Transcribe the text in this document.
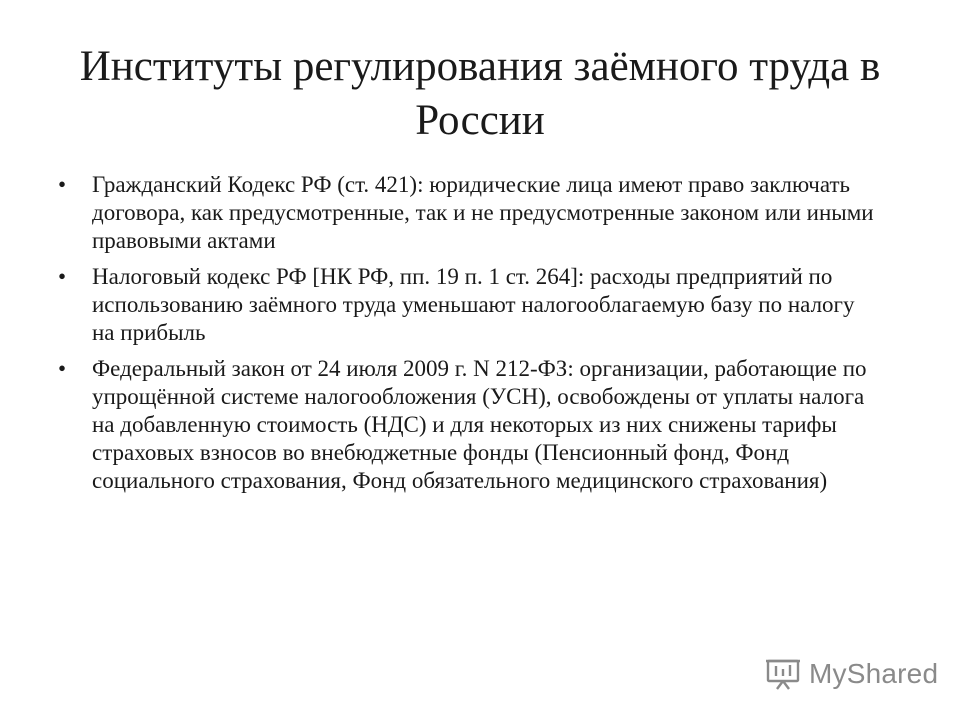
Институты регулирования заёмного труда в России
• Гражданский Кодекс РФ (ст. 421): юридические лица имеют право заключать договора, как предусмотренные, так и не предусмотренные законом или иными правовыми актами
• Налоговый кодекс РФ [НК РФ, пп. 19 п. 1 ст. 264]: расходы предприятий по использованию заёмного труда уменьшают налогооблагаемую базу по налогу на прибыль
• Федеральный закон от 24 июля 2009 г. N 212-ФЗ: организации, работающие по упрощённой системе налогообложения (УСН), освобождены от уплаты налога на добавленную стоимость (НДС) и для некоторых из них снижены тарифы страховых взносов во внебюджетные фонды (Пенсионный фонд, Фонд социального страхования, Фонд обязательного медицинского страхования)
MyShared
